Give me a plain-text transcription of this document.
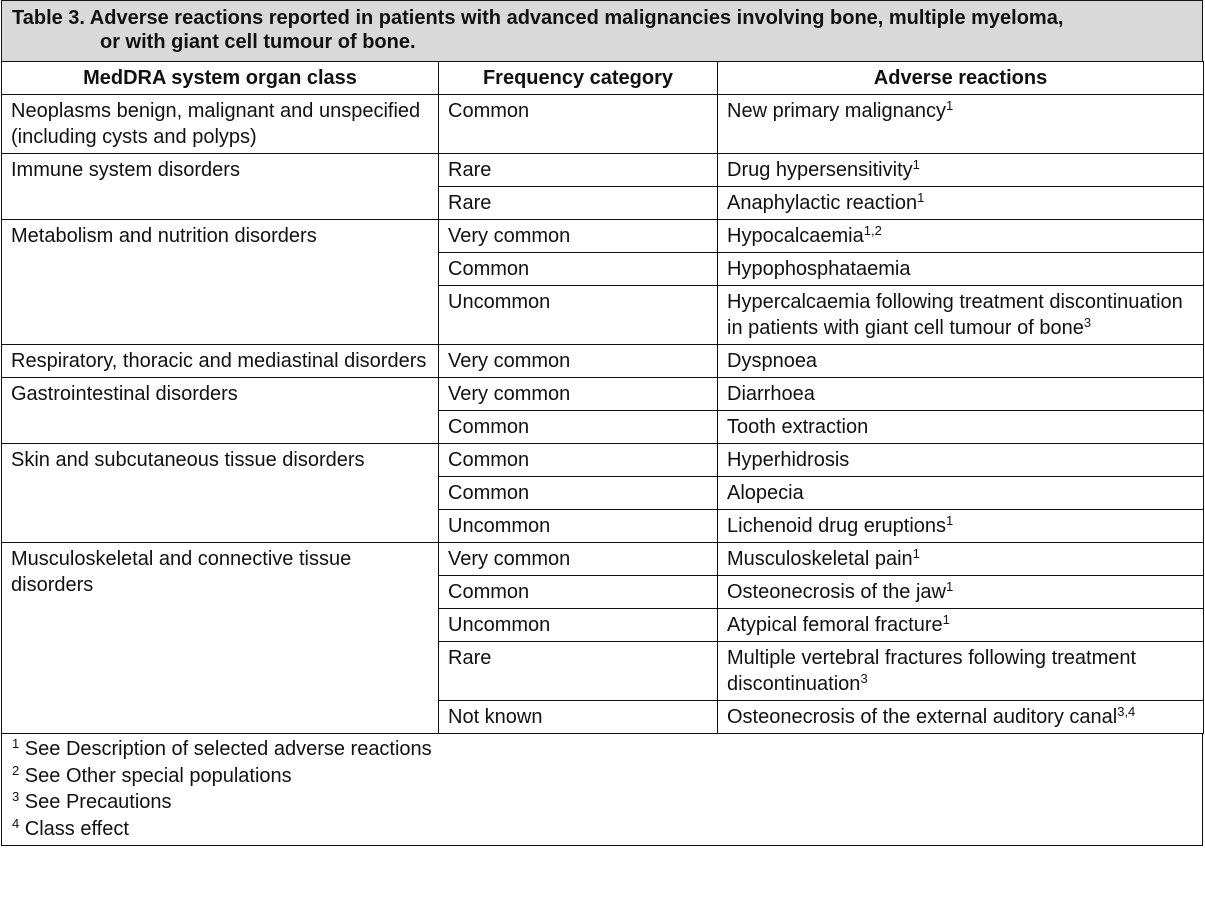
Table 3. Adverse reactions reported in patients with advanced malignancies involving bone, multiple myeloma,
or with giant cell tumour of bone.
MedDRA system organ class	Frequency category	Adverse reactions
Neoplasms benign, malignant and unspecified (including cysts and polyps)	Common	New primary malignancy$^1$
Immune system disorders	Rare	Drug hypersensitivity$^1$
	Rare	Anaphylactic reaction$^1$
Metabolism and nutrition disorders	Very common	Hypocalcaemia$^{1,2}$
	Common	Hypophosphataemia
	Uncommon	Hypercalcaemia following treatment discontinuation in patients with giant cell tumour of bone$^3$
Respiratory, thoracic and mediastinal disorders	Very common	Dyspnoea
Gastrointestinal disorders	Very common	Diarrhoea
	Common	Tooth extraction
Skin and subcutaneous tissue disorders	Common	Hyperhidrosis
	Common	Alopecia
	Uncommon	Lichenoid drug eruptions$^1$
Musculoskeletal and connective tissue disorders	Very common	Musculoskeletal pain$^1$
	Common	Osteonecrosis of the jaw$^1$
	Uncommon	Atypical femoral fracture$^1$
	Rare	Multiple vertebral fractures following treatment discontinuation$^3$
	Not known	Osteonecrosis of the external auditory canal$^{3,4}$
$^1$ See Description of selected adverse reactions
$^2$ See Other special populations
$^3$ See Precautions
$^4$ Class effect
